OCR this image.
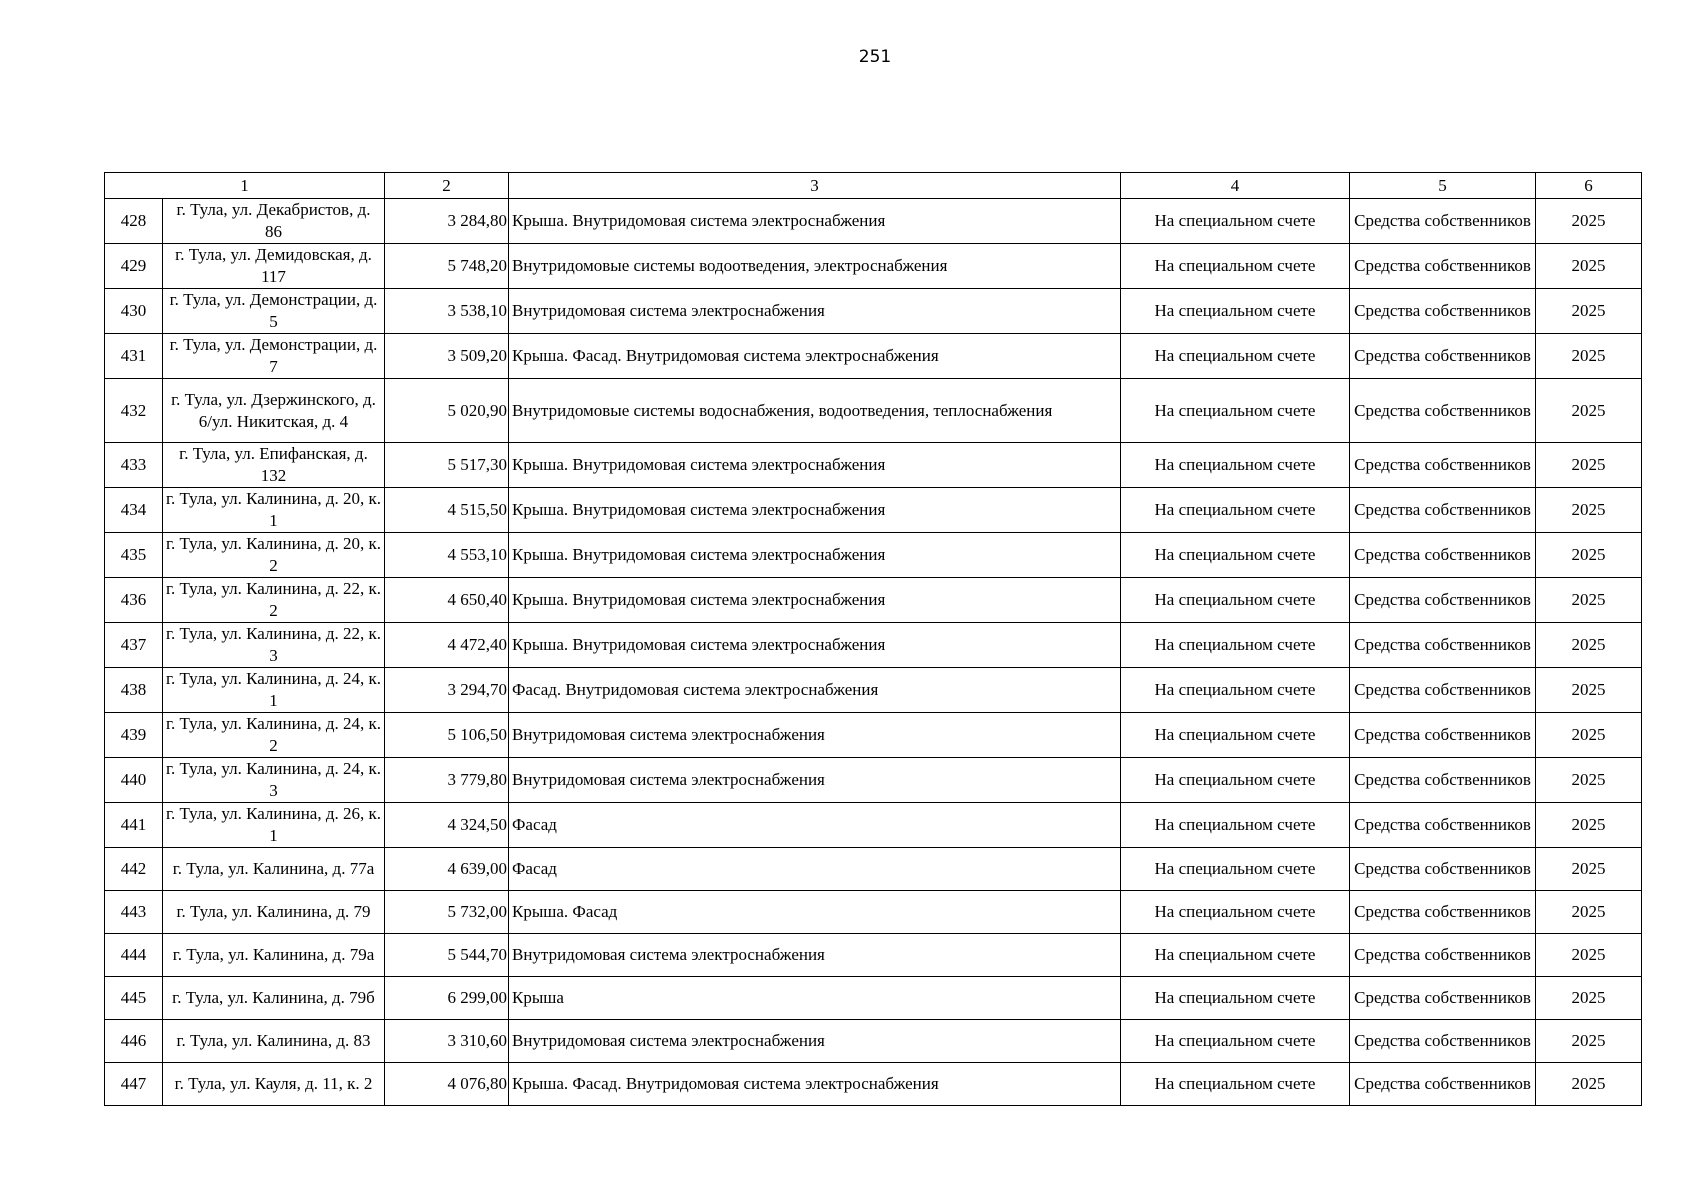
251
1		2	3	4	5	6
428	г. Тула, ул. Декабристов, д. 86	3 284,80	Крыша. Внутридомовая система электроснабжения	На специальном счете	Средства собственников	2025
429	г. Тула, ул. Демидовская, д. 117	5 748,20	Внутридомовые системы водоотведения, электроснабжения	На специальном счете	Средства собственников	2025
430	г. Тула, ул. Демонстрации, д. 5	3 538,10	Внутридомовая система электроснабжения	На специальном счете	Средства собственников	2025
431	г. Тула, ул. Демонстрации, д. 7	3 509,20	Крыша. Фасад. Внутридомовая система электроснабжения	На специальном счете	Средства собственников	2025
432	г. Тула, ул. Дзержинского, д. 6/ул. Никитская, д. 4	5 020,90	Внутридомовые системы водоснабжения, водоотведения, теплоснабжения	На специальном счете	Средства собственников	2025
433	г. Тула, ул. Епифанская, д. 132	5 517,30	Крыша. Внутридомовая система электроснабжения	На специальном счете	Средства собственников	2025
434	г. Тула, ул. Калинина, д. 20, к. 1	4 515,50	Крыша. Внутридомовая система электроснабжения	На специальном счете	Средства собственников	2025
435	г. Тула, ул. Калинина, д. 20, к. 2	4 553,10	Крыша. Внутридомовая система электроснабжения	На специальном счете	Средства собственников	2025
436	г. Тула, ул. Калинина, д. 22, к. 2	4 650,40	Крыша. Внутридомовая система электроснабжения	На специальном счете	Средства собственников	2025
437	г. Тула, ул. Калинина, д. 22, к. 3	4 472,40	Крыша. Внутридомовая система электроснабжения	На специальном счете	Средства собственников	2025
438	г. Тула, ул. Калинина, д. 24, к. 1	3 294,70	Фасад. Внутридомовая система электроснабжения	На специальном счете	Средства собственников	2025
439	г. Тула, ул. Калинина, д. 24, к. 2	5 106,50	Внутридомовая система электроснабжения	На специальном счете	Средства собственников	2025
440	г. Тула, ул. Калинина, д. 24, к. 3	3 779,80	Внутридомовая система электроснабжения	На специальном счете	Средства собственников	2025
441	г. Тула, ул. Калинина, д. 26, к. 1	4 324,50	Фасад	На специальном счете	Средства собственников	2025
442	г. Тула, ул. Калинина, д. 77а	4 639,00	Фасад	На специальном счете	Средства собственников	2025
443	г. Тула, ул. Калинина, д. 79	5 732,00	Крыша. Фасад	На специальном счете	Средства собственников	2025
444	г. Тула, ул. Калинина, д. 79а	5 544,70	Внутридомовая система электроснабжения	На специальном счете	Средства собственников	2025
445	г. Тула, ул. Калинина, д. 79б	6 299,00	Крыша	На специальном счете	Средства собственников	2025
446	г. Тула, ул. Калинина, д. 83	3 310,60	Внутридомовая система электроснабжения	На специальном счете	Средства собственников	2025
447	г. Тула, ул. Кауля, д. 11, к. 2	4 076,80	Крыша. Фасад. Внутридомовая система электроснабжения	На специальном счете	Средства собственников	2025
